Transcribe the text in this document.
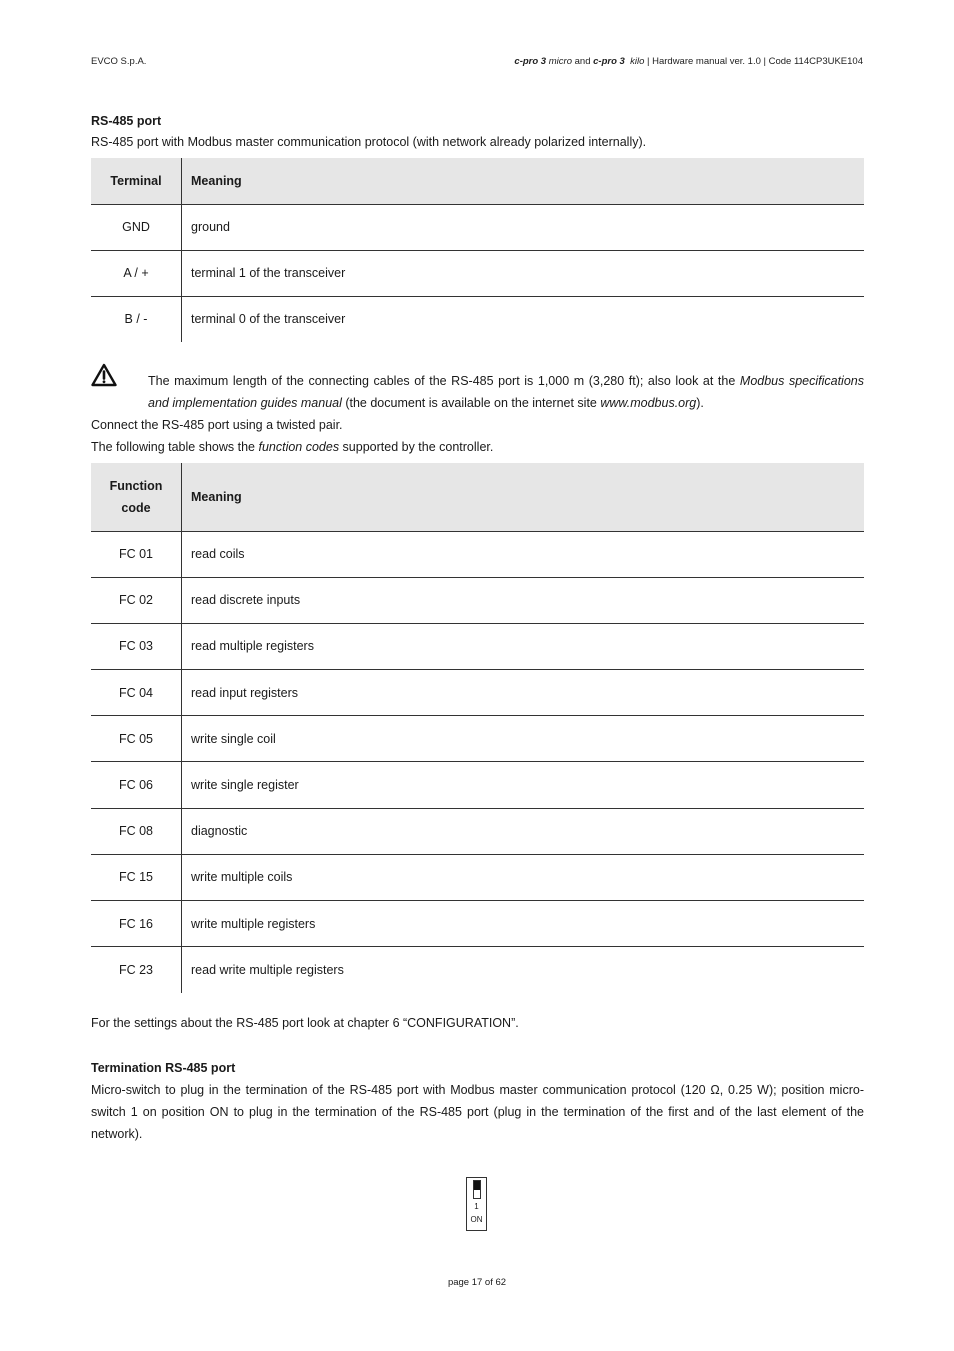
EVCO S.p.A.	c-pro 3 micro and c-pro 3 kilo | Hardware manual ver. 1.0 | Code 114CP3UKE104
RS-485 port
RS-485 port with Modbus master communication protocol (with network already polarized internally).
Terminal	Meaning
GND	ground
A / +	terminal 1 of the transceiver
B / -	terminal 0 of the transceiver
The maximum length of the connecting cables of the RS-485 port is 1,000 m (3,280 ft); also look at the Modbus specifications and implementation guides manual (the document is available on the internet site www.modbus.org).
Connect the RS-485 port using a twisted pair.
The following table shows the function codes supported by the controller.
Function code	Meaning
FC 01	read coils
FC 02	read discrete inputs
FC 03	read multiple registers
FC 04	read input registers
FC 05	write single coil
FC 06	write single register
FC 08	diagnostic
FC 15	write multiple coils
FC 16	write multiple registers
FC 23	read write multiple registers
For the settings about the RS-485 port look at chapter 6 “CONFIGURATION”.
Termination RS-485 port
Micro-switch to plug in the termination of the RS-485 port with Modbus master communication protocol (120 Ω, 0.25 W); position micro-switch 1 on position ON to plug in the termination of the RS-485 port (plug in the termination of the first and of the last element of the network).
1
ON
page 17 of 62
